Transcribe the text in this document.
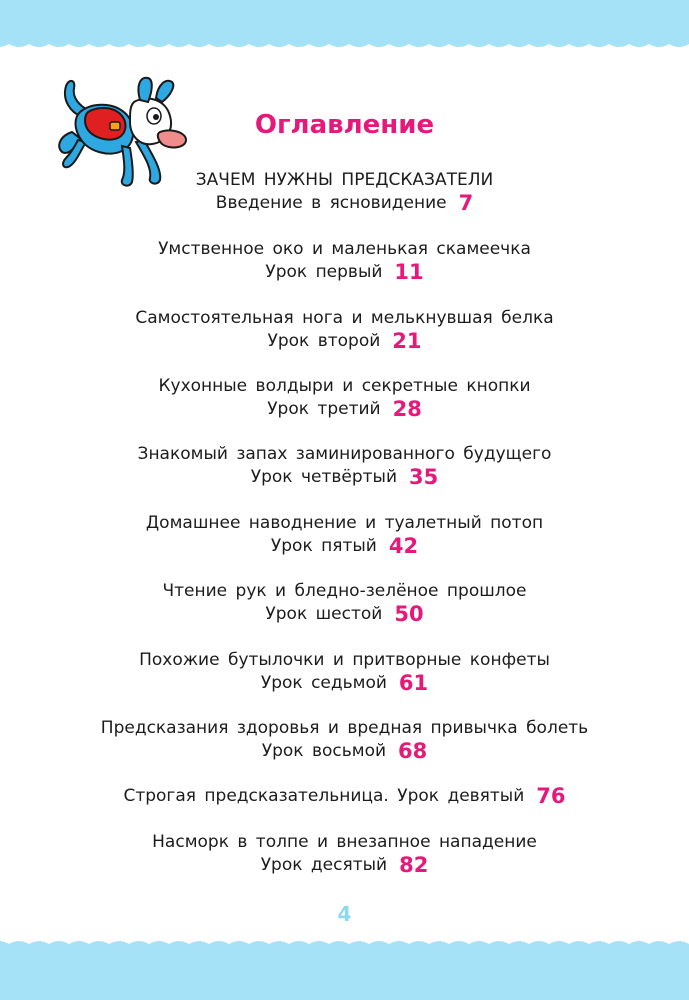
Оглавление
ЗАЧЕМ НУЖНЫ ПРЕДСКАЗАТЕЛИ
Введение в ясновидение 7
Умственное око и маленькая скамеечка
Урок первый 11
Самостоятельная нога и мелькнувшая белка
Урок второй 21
Кухонные волдыри и секретные кнопки
Урок третий 28
Знакомый запах заминированного будущего
Урок четвёртый 35
Домашнее наводнение и туалетный потоп
Урок пятый 42
Чтение рук и бледно-зелёное прошлое
Урок шестой 50
Похожие бутылочки и притворные конфеты
Урок седьмой 61
Предсказания здоровья и вредная привычка болеть
Урок восьмой 68
Строгая предсказательница. Урок девятый 76
Насморк в толпе и внезапное нападение
Урок десятый 82
4
